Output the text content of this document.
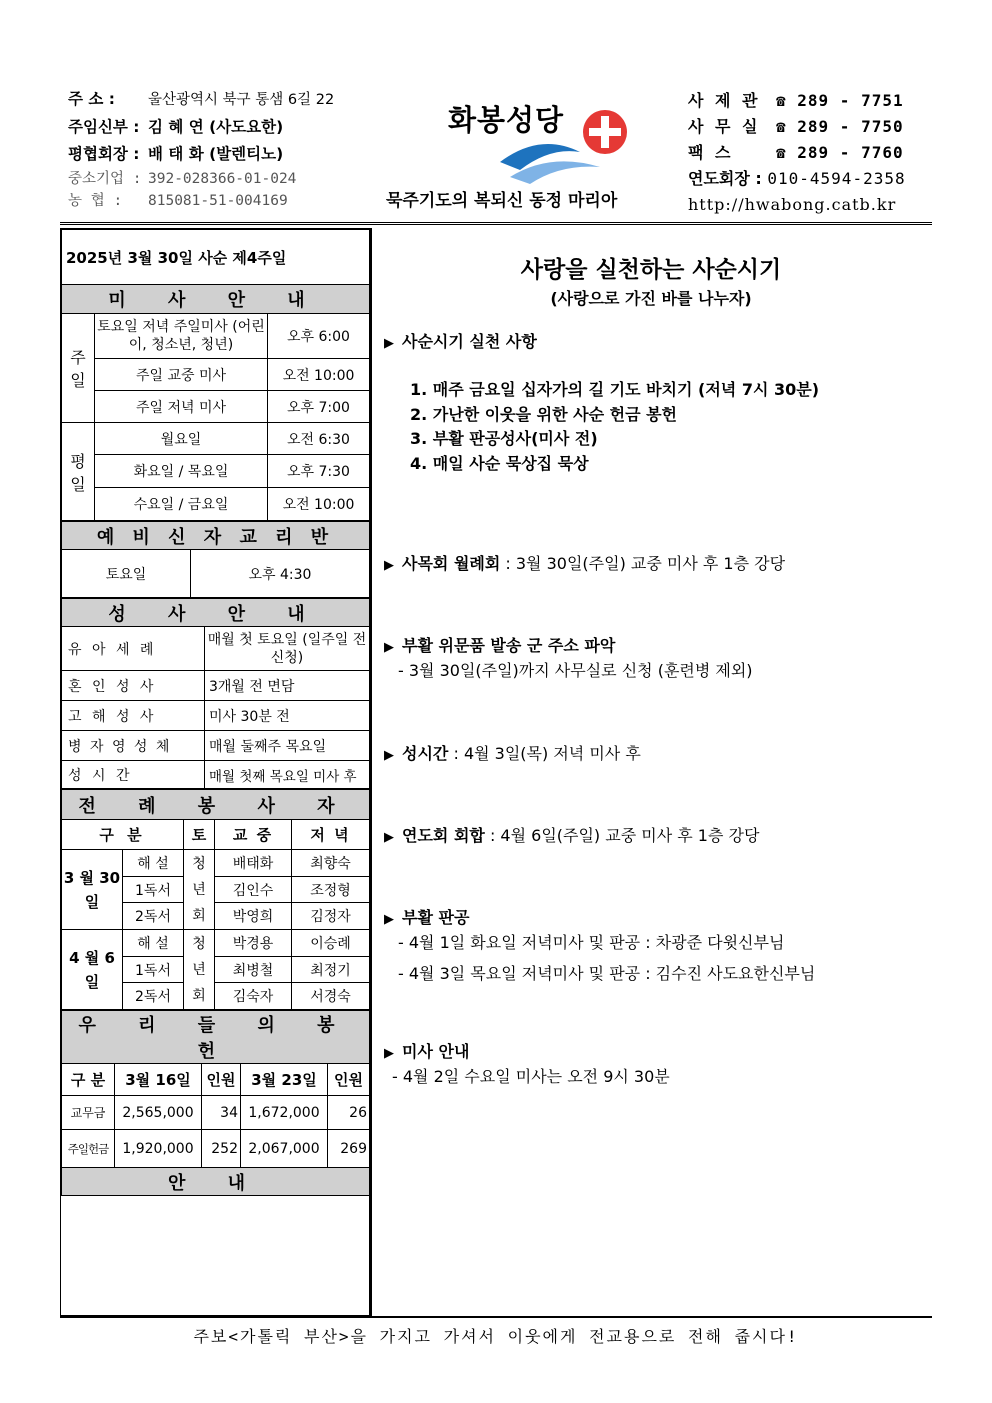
주 소 : 울산광역시 북구 통샘 6길 22
주임신부 : 김 혜 연 (사도요한)
평협회장 : 배 태 화 (발렌티노)
중소기업 : 392-028366-01-024
농 협 : 815081-51-004169
화봉성당
묵주기도의 복되신 동정 마리아
사 제 관 ☎ 289 - 7751
사 무 실 ☎ 289 - 7750
팩 스	☎ 289 - 7760
연도회장 : 010-4594-2358
http://hwabong.catb.kr
2025년 3월 30일 사순 제4주일		
미 사 안 내		
주 일	토요일 저녁 주일미사 (어린이, 청소년, 청년)	오후 6:00
	주일 교중 미사	오전 10:00
	주일 저녁 미사	오후 7:00
평 일	월요일	오전 6:30
	화요일 / 목요일	오후 7:30
	수요일 / 금요일	오전 10:00
예 비 신 자 교 리 반
토요일	오후 4:30
성 사 안 내	
유 아 세 례	매월 첫 토요일 (일주일 전 신청)
혼 인 성 사	3개월 전 면담
고 해 성 사	미사 30분 전
병 자 영 성 체	매월 둘째주 목요일
성 시 간	매월 첫째 목요일 미사 후
전 례 봉 사 자				
구 분		토	교 중	저 녁
3 월 30 일	해 설	청 년 회	배태화	최향숙
	1독서		김인수	조정형
	2독서		박영희	김정자
4 월 6 일	해 설	청 년 회	박경용	이승례
	1독서		최병철	최정기
	2독서		김숙자	서경숙
우 리 들 의 봉 헌				
구 분	3월 16일	인원	3월 23일	인원
교무금	2,565,000	34	1,672,000	26
주일헌금	1,920,000	252	2,067,000	269
안 내				
사랑을 실천하는 사순시기
(사랑으로 가진 바를 나누자)
▶ 사순시기 실천 사항
1. 매주 금요일 십자가의 길 기도 바치기 (저녁 7시 30분)
2. 가난한 이웃을 위한 사순 헌금 봉헌
3. 부활 판공성사(미사 전)
4. 매일 사순 묵상집 묵상
▶ 사목회 월례회 : 3월 30일(주일) 교중 미사 후 1층 강당
▶ 부활 위문품 발송 군 주소 파악
- 3월 30일(주일)까지 사무실로 신청 (훈련병 제외)
▶ 성시간 : 4월 3일(목) 저녁 미사 후
▶ 연도회 회합 : 4월 6일(주일) 교중 미사 후 1층 강당
▶ 부활 판공
- 4월 1일 화요일 저녁미사 및 판공 : 차광준 다윗신부님
- 4월 3일 목요일 저녁미사 및 판공 : 김수진 사도요한신부님
▶ 미사 안내
- 4월 2일 수요일 미사는 오전 9시 30분
주보<가톨릭 부산>을 가지고 가셔서 이웃에게 전교용으로 전해 줍시다!
